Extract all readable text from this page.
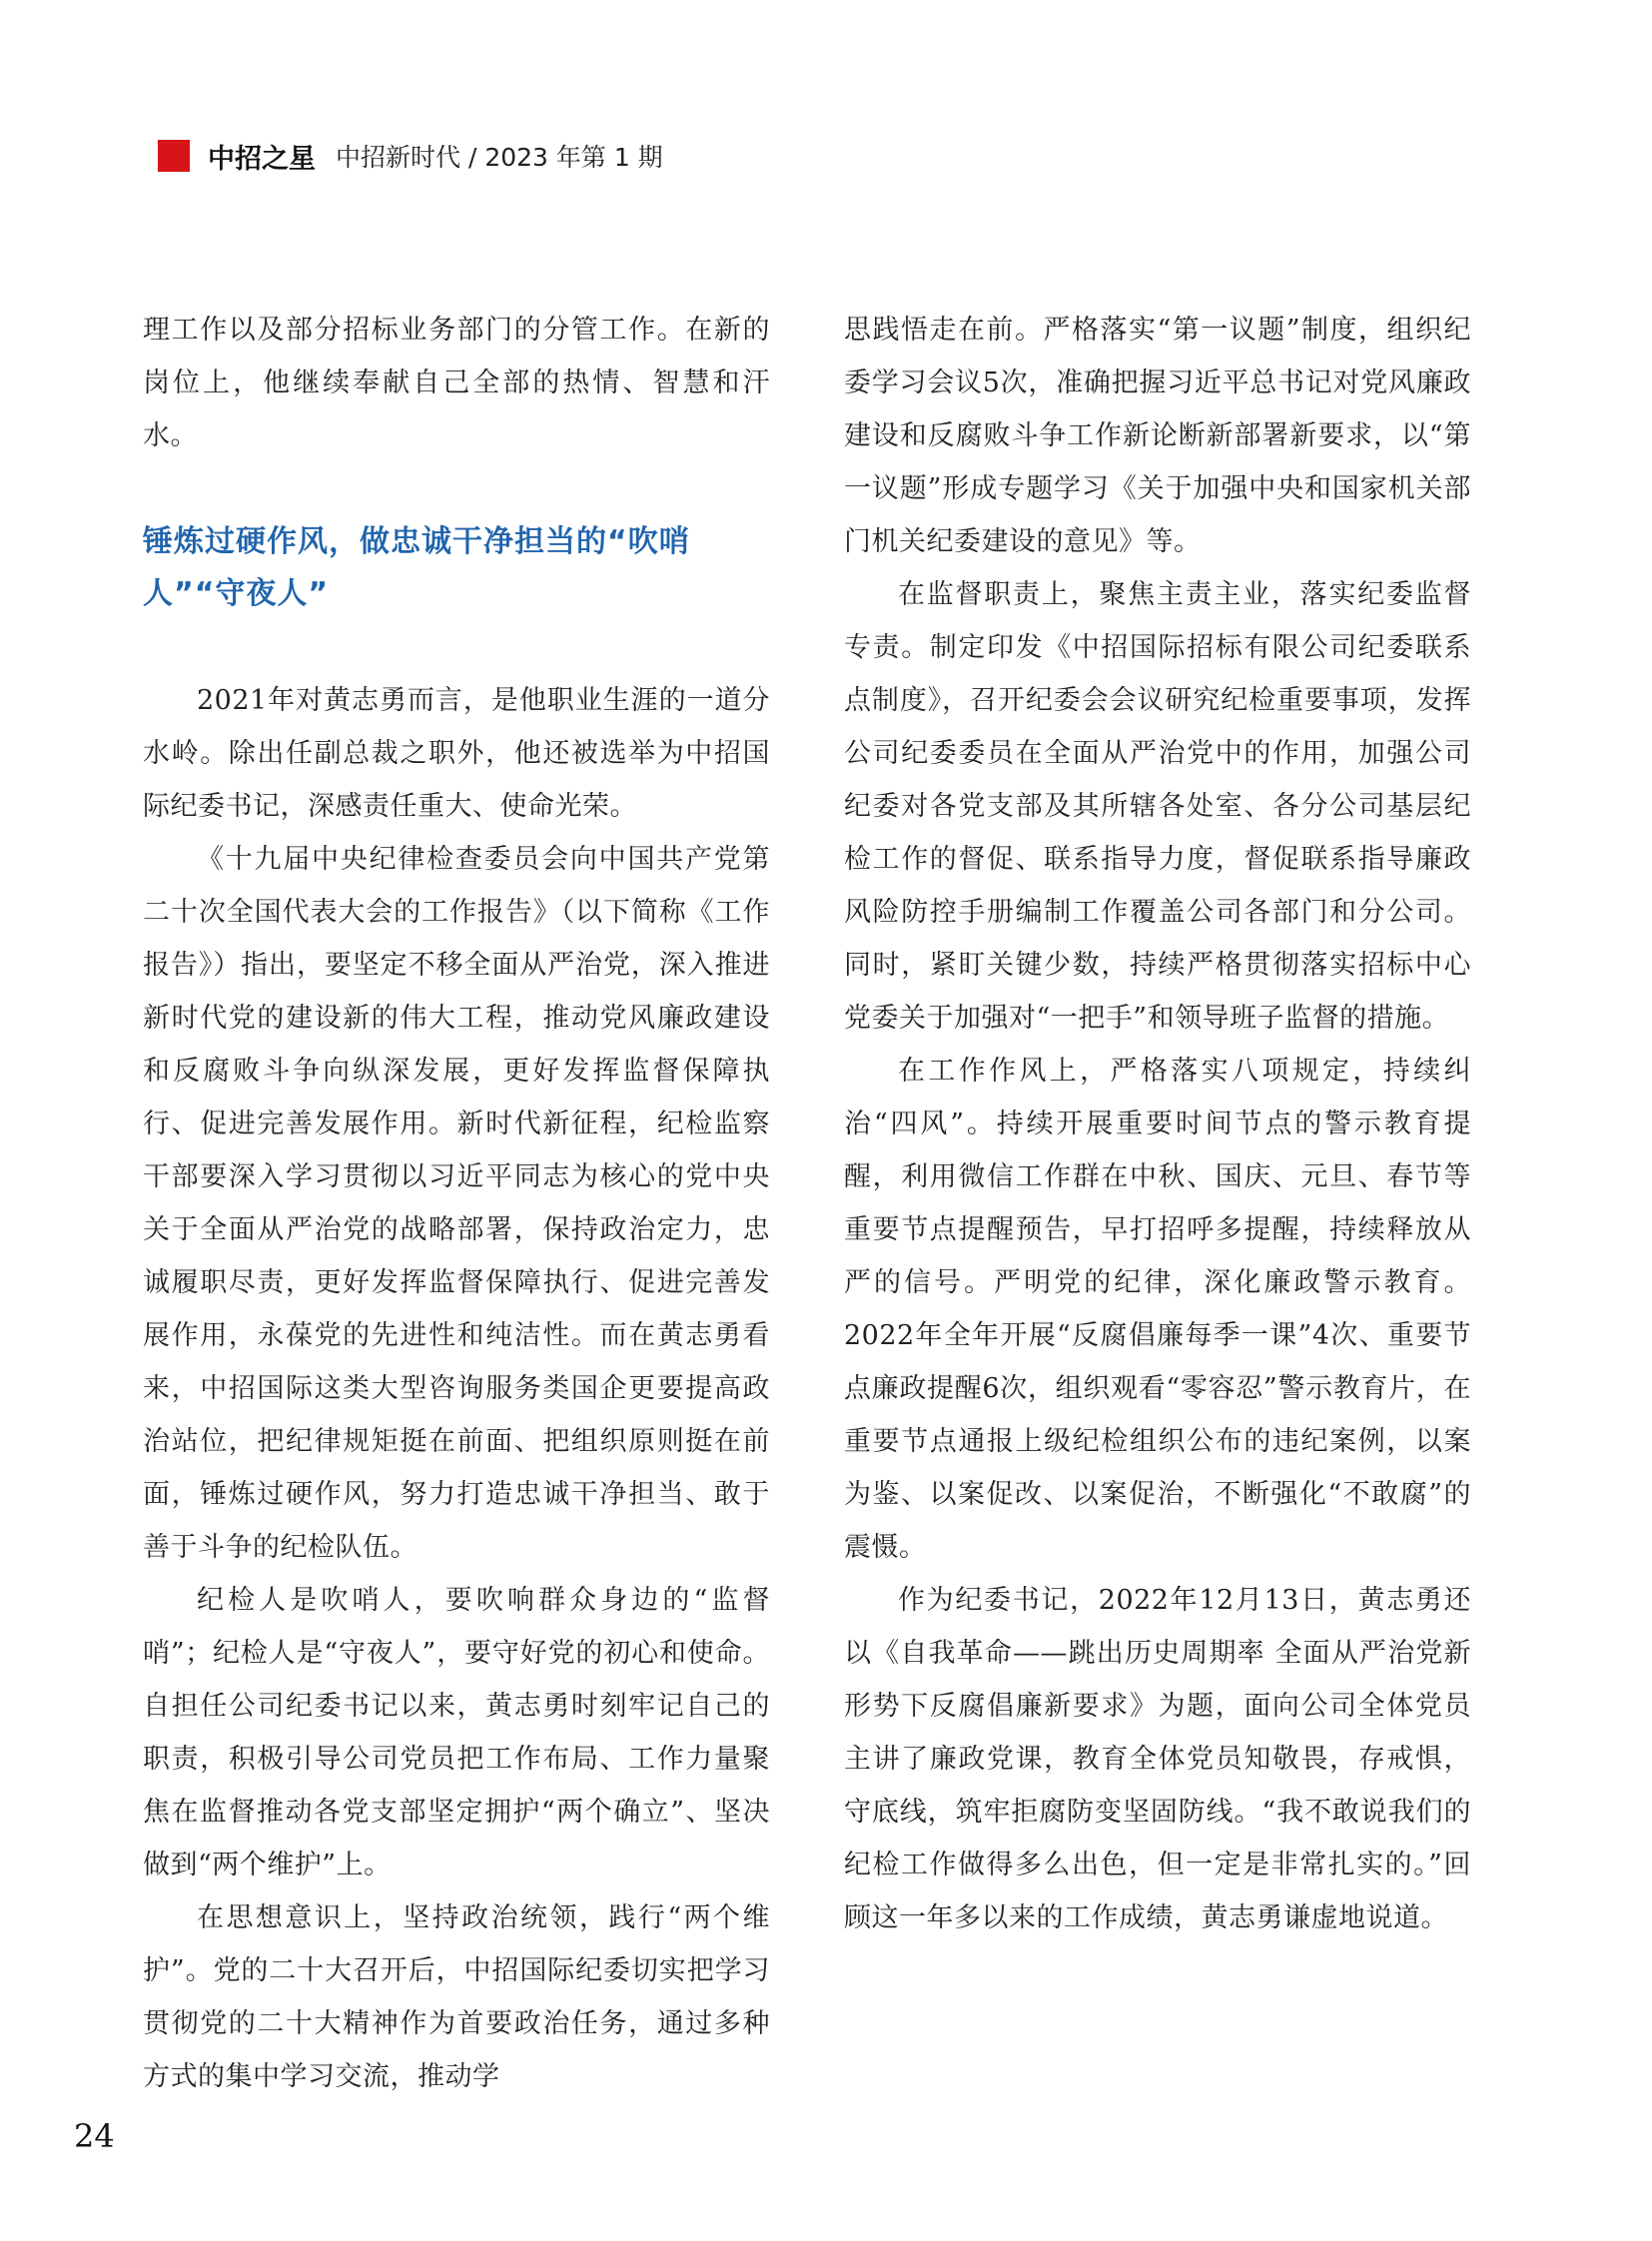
中招之星 中招新时代 / 2023 年第 1 期

理工作以及部分招标业务部门的分管工作。在新的岗位上，他继续奉献自己全部的热情、智慧和汗水。

锤炼过硬作风，做忠诚干净担当的“吹哨人”“守夜人”

2021年对黄志勇而言，是他职业生涯的一道分水岭。除出任副总裁之职外，他还被选举为中招国际纪委书记，深感责任重大、使命光荣。

《十九届中央纪律检查委员会向中国共产党第二十次全国代表大会的工作报告》（以下简称《工作报告》）指出，要坚定不移全面从严治党，深入推进新时代党的建设新的伟大工程，推动党风廉政建设和反腐败斗争向纵深发展，更好发挥监督保障执行、促进完善发展作用。新时代新征程，纪检监察干部要深入学习贯彻以习近平同志为核心的党中央关于全面从严治党的战略部署，保持政治定力，忠诚履职尽责，更好发挥监督保障执行、促进完善发展作用，永葆党的先进性和纯洁性。而在黄志勇看来，中招国际这类大型咨询服务类国企更要提高政治站位，把纪律规矩挺在前面、把组织原则挺在前面，锤炼过硬作风，努力打造忠诚干净担当、敢于善于斗争的纪检队伍。

纪检人是吹哨人，要吹响群众身边的“监督哨”；纪检人是“守夜人”，要守好党的初心和使命。自担任公司纪委书记以来，黄志勇时刻牢记自己的职责，积极引导公司党员把工作布局、工作力量聚焦在监督推动各党支部坚定拥护“两个确立”、坚决做到“两个维护”上。

在思想意识上，坚持政治统领，践行“两个维护”。党的二十大召开后，中招国际纪委切实把学习贯彻党的二十大精神作为首要政治任务，通过多种方式的集中学习交流，推动学

思践悟走在前。严格落实“第一议题”制度，组织纪委学习会议5次，准确把握习近平总书记对党风廉政建设和反腐败斗争工作新论断新部署新要求，以“第一议题”形成专题学习《关于加强中央和国家机关部门机关纪委建设的意见》等。

在监督职责上，聚焦主责主业，落实纪委监督专责。制定印发《中招国际招标有限公司纪委联系点制度》，召开纪委会会议研究纪检重要事项，发挥公司纪委委员在全面从严治党中的作用，加强公司纪委对各党支部及其所辖各处室、各分公司基层纪检工作的督促、联系指导力度，督促联系指导廉政风险防控手册编制工作覆盖公司各部门和分公司。同时，紧盯关键少数，持续严格贯彻落实招标中心党委关于加强对“一把手”和领导班子监督的措施。

在工作作风上，严格落实八项规定，持续纠治“四风”。持续开展重要时间节点的警示教育提醒，利用微信工作群在中秋、国庆、元旦、春节等重要节点提醒预告，早打招呼多提醒，持续释放从严的信号。严明党的纪律，深化廉政警示教育。2022年全年开展“反腐倡廉每季一课”4次、重要节点廉政提醒6次，组织观看“零容忍”警示教育片，在重要节点通报上级纪检组织公布的违纪案例，以案为鉴、以案促改、以案促治，不断强化“不敢腐”的震慑。

作为纪委书记，2022年12月13日，黄志勇还以《自我革命——跳出历史周期率 全面从严治党新形势下反腐倡廉新要求》为题，面向公司全体党员主讲了廉政党课，教育全体党员知敬畏，存戒惧，守底线，筑牢拒腐防变坚固防线。“我不敢说我们的纪检工作做得多么出色，但一定是非常扎实的。”回顾这一年多以来的工作成绩，黄志勇谦虚地说道。

24
